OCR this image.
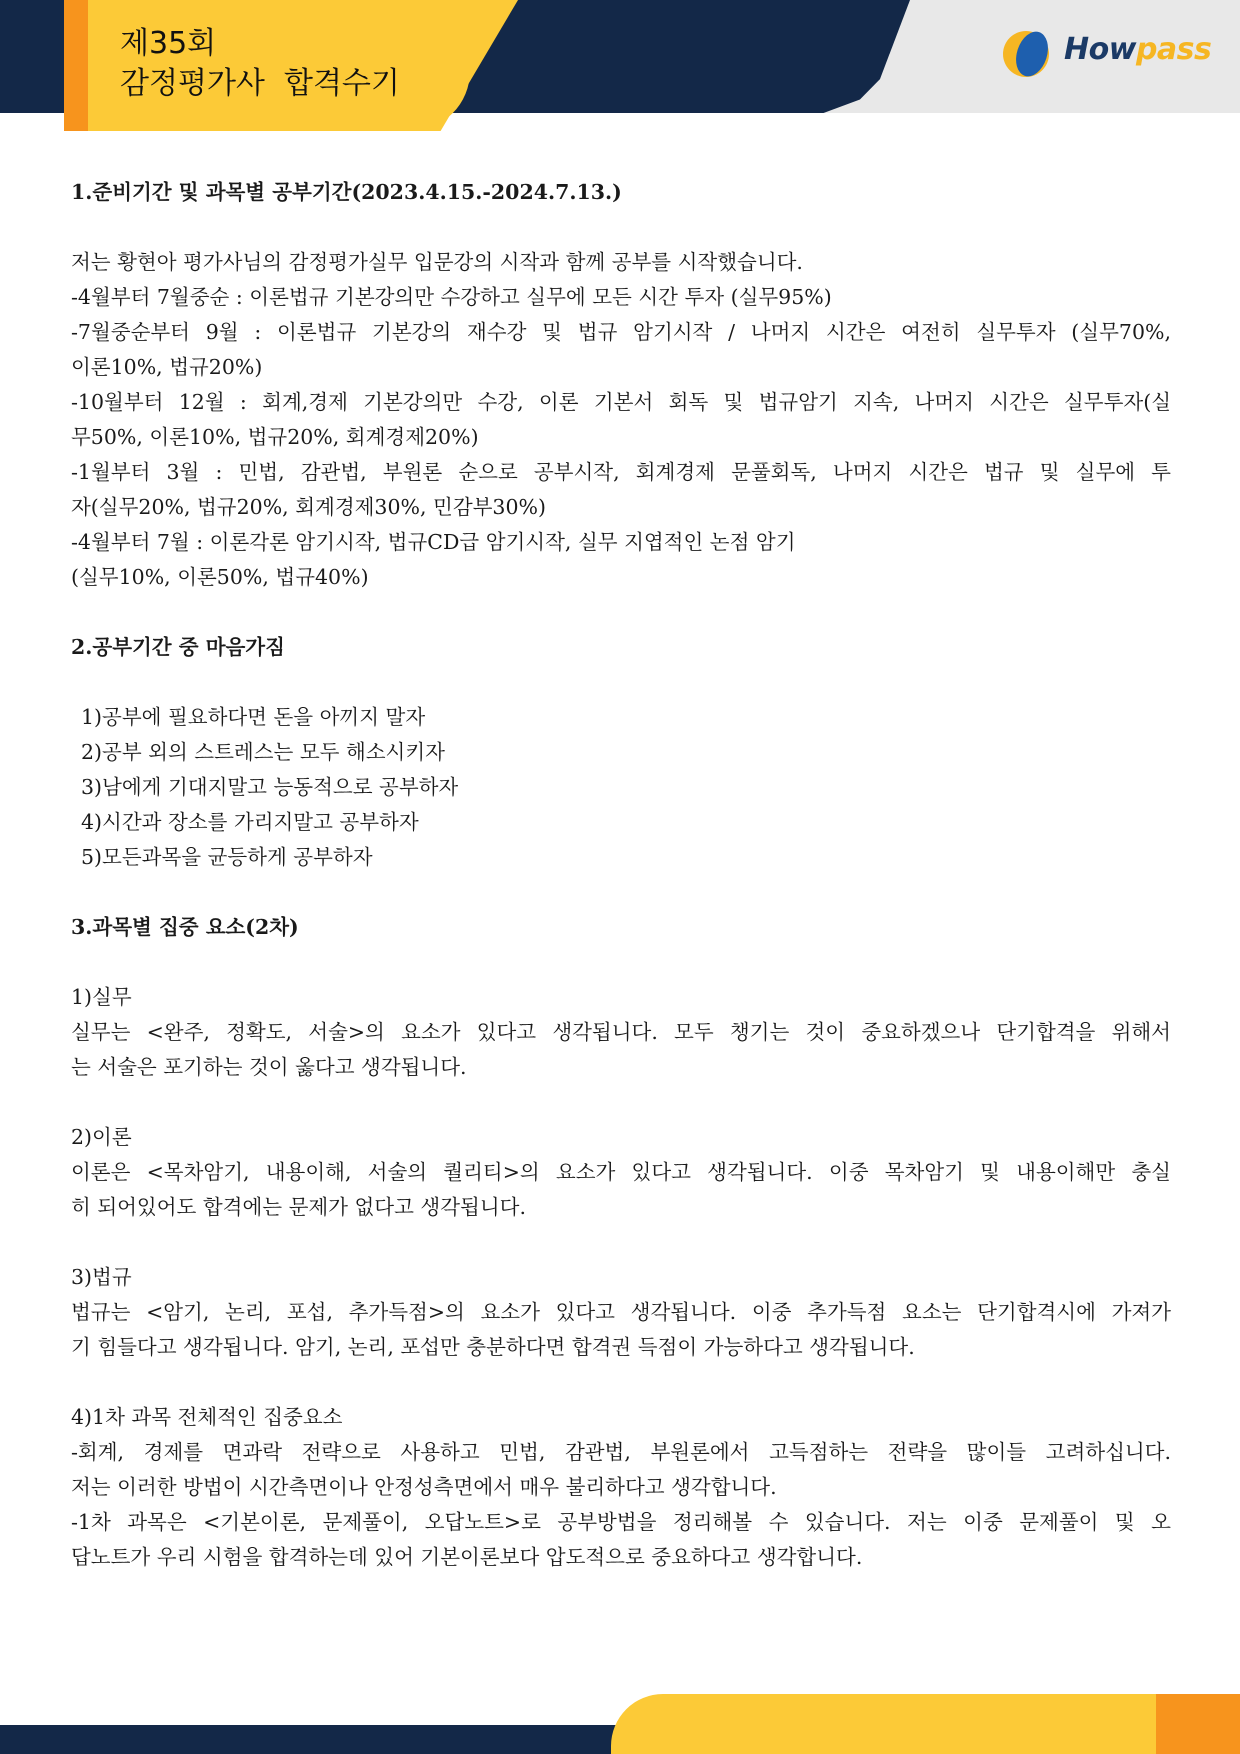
제35회
감정평가사  합격수기
Howpass
1.준비기간 및 과목별 공부기간(2023.4.15.-2024.7.13.)
저는 황현아 평가사님의 감정평가실무 입문강의 시작과 함께 공부를 시작했습니다.
-4월부터 7월중순 : 이론법규 기본강의만 수강하고 실무에 모든 시간 투자 (실무95%)
-7월중순부터 9월 : 이론법규 기본강의 재수강 및 법규 암기시작 / 나머지 시간은 여전히 실무투자 (실무70%,
이론10%, 법규20%)
-10월부터 12월 : 회계,경제 기본강의만 수강, 이론 기본서 회독 및 법규암기 지속, 나머지 시간은 실무투자(실
무50%, 이론10%, 법규20%, 회계경제20%)
-1월부터 3월 : 민법, 감관법, 부원론 순으로 공부시작, 회계경제 문풀회독, 나머지 시간은 법규 및 실무에 투
자(실무20%, 법규20%, 회계경제30%, 민감부30%)
-4월부터 7월 : 이론각론 암기시작, 법규CD급 암기시작, 실무 지엽적인 논점 암기
(실무10%, 이론50%, 법규40%)
2.공부기간 중 마음가짐
1)공부에 필요하다면 돈을 아끼지 말자
2)공부 외의 스트레스는 모두 해소시키자
3)남에게 기대지말고 능동적으로 공부하자
4)시간과 장소를 가리지말고 공부하자
5)모든과목을 균등하게 공부하자
3.과목별 집중 요소(2차)
1)실무
실무는 <완주, 정확도, 서술>의 요소가 있다고 생각됩니다. 모두 챙기는 것이 중요하겠으나 단기합격을 위해서
는 서술은 포기하는 것이 옳다고 생각됩니다.
2)이론
이론은 <목차암기, 내용이해, 서술의 퀄리티>의 요소가 있다고 생각됩니다. 이중 목차암기 및 내용이해만 충실
히 되어있어도 합격에는 문제가 없다고 생각됩니다.
3)법규
법규는 <암기, 논리, 포섭, 추가득점>의 요소가 있다고 생각됩니다. 이중 추가득점 요소는 단기합격시에 가져가
기 힘들다고 생각됩니다. 암기, 논리, 포섭만 충분하다면 합격권 득점이 가능하다고 생각됩니다.
4)1차 과목 전체적인 집중요소
-회계, 경제를 면과락 전략으로 사용하고 민법, 감관법, 부원론에서 고득점하는 전략을 많이들 고려하십니다.
저는 이러한 방법이 시간측면이나 안정성측면에서 매우 불리하다고 생각합니다.
-1차 과목은 <기본이론, 문제풀이, 오답노트>로 공부방법을 정리해볼 수 있습니다. 저는 이중 문제풀이 및 오
답노트가 우리 시험을 합격하는데 있어 기본이론보다 압도적으로 중요하다고 생각합니다.
